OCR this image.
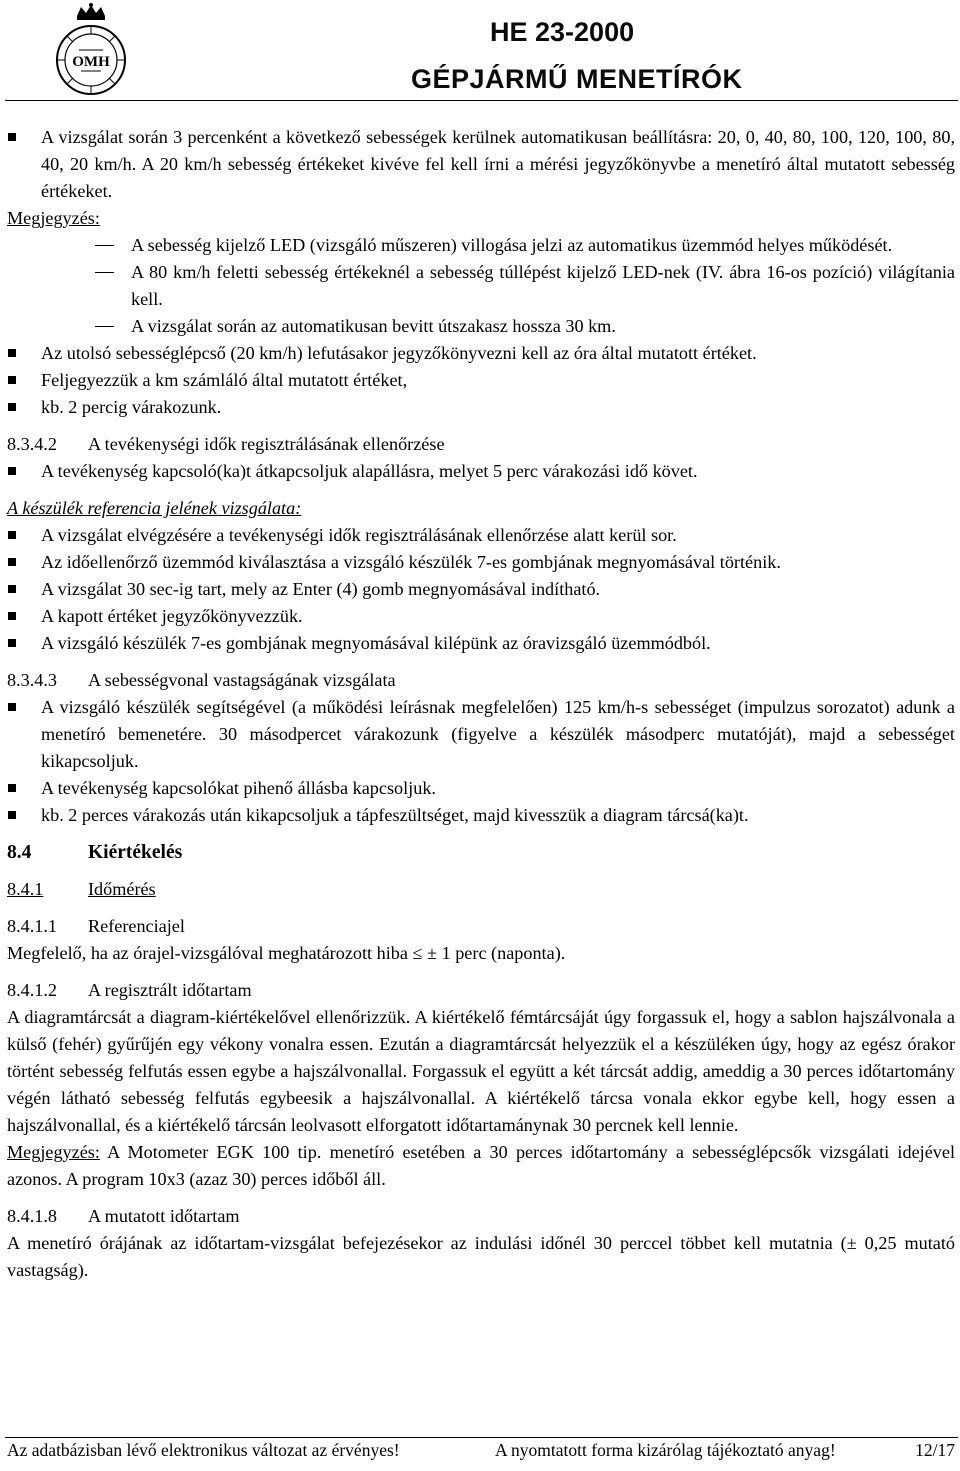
OMH
HE 23-2000
GÉPJÁRMŰ MENETÍRÓK
A vizsgálat során 3 percenként a következő sebességek kerülnek automatikusan beállításra: 20, 0, 40, 80, 100, 120, 100, 80, 40, 20 km/h. A 20 km/h sebesség értékeket kivéve fel kell írni a mérési jegyzőkönyvbe a menetíró által mutatott sebesség értékeket.
Megjegyzés:
A sebesség kijelző LED (vizsgáló műszeren) villogása jelzi az automatikus üzemmód helyes működését.
A 80 km/h feletti sebesség értékeknél a sebesség túllépést kijelző LED-nek (IV. ábra 16-os pozíció) világítania kell.
A vizsgálat során az automatikusan bevitt útszakasz hossza 30 km.
Az utolsó sebességlépcső (20 km/h) lefutásakor jegyzőkönyvezni kell az óra által mutatott értéket.
Feljegyezzük a km számláló által mutatott értéket,
kb. 2 percig várakozunk.
8.3.4.2 A tevékenységi idők regisztrálásának ellenőrzése
A tevékenység kapcsoló(ka)t átkapcsoljuk alapállásra, melyet 5 perc várakozási idő követ.
A készülék referencia jelének vizsgálata:
A vizsgálat elvégzésére a tevékenységi idők regisztrálásának ellenőrzése alatt kerül sor.
Az időellenőrző üzemmód kiválasztása a vizsgáló készülék 7-es gombjának megnyomásával történik.
A vizsgálat 30 sec-ig tart, mely az Enter (4) gomb megnyomásával indítható.
A kapott értéket jegyzőkönyvezzük.
A vizsgáló készülék 7-es gombjának megnyomásával kilépünk az óravizsgáló üzemmódból.
8.3.4.3 A sebességvonal vastagságának vizsgálata
A vizsgáló készülék segítségével (a működési leírásnak megfelelően) 125 km/h-s sebességet (impulzus sorozatot) adunk a menetíró bemenetére. 30 másodpercet várakozunk (figyelve a készülék másodperc mutatóját), majd a sebességet kikapcsoljuk.
A tevékenység kapcsolókat pihenő állásba kapcsoljuk.
kb. 2 perces várakozás után kikapcsoljuk a tápfeszültséget, majd kivesszük a diagram tárcsá(ka)t.
8.4	Kiértékelés
8.4.1 Időmérés
8.4.1.1 Referenciajel
Megfelelő, ha az órajel-vizsgálóval meghatározott hiba ≤ ± 1 perc (naponta).
8.4.1.2 A regisztrált időtartam
A diagramtárcsát a diagram-kiértékelővel ellenőrizzük. A kiértékelő fémtárcsáját úgy forgassuk el, hogy a sablon hajszálvonala a külső (fehér) gyűrűjén egy vékony vonalra essen. Ezután a diagramtárcsát helyezzük el a készüléken úgy, hogy az egész órakor történt sebesség felfutás essen egybe a hajszálvonallal. Forgassuk el együtt a két tárcsát addig, ameddig a 30 perces időtartomány végén látható sebesség felfutás egybeesik a hajszálvonallal. A kiértékelő tárcsa vonala ekkor egybe kell, hogy essen a hajszálvonallal, és a kiértékelő tárcsán leolvasott elforgatott időtartamánynak 30 percnek kell lennie.
Megjegyzés: A Motometer EGK 100 tip. menetíró esetében a 30 perces időtartomány a sebességlépcsők vizsgálati idejével azonos. A program 10x3 (azaz 30) perces időből áll.
8.4.1.8 A mutatott időtartam
A menetíró órájának az időtartam-vizsgálat befejezésekor az indulási időnél 30 perccel többet kell mutatnia (± 0,25 mutató vastagság).
Az adatbázisban lévő elektronikus változat az érvényes!	A nyomtatott forma kizárólag tájékoztató anyag!	12/17
